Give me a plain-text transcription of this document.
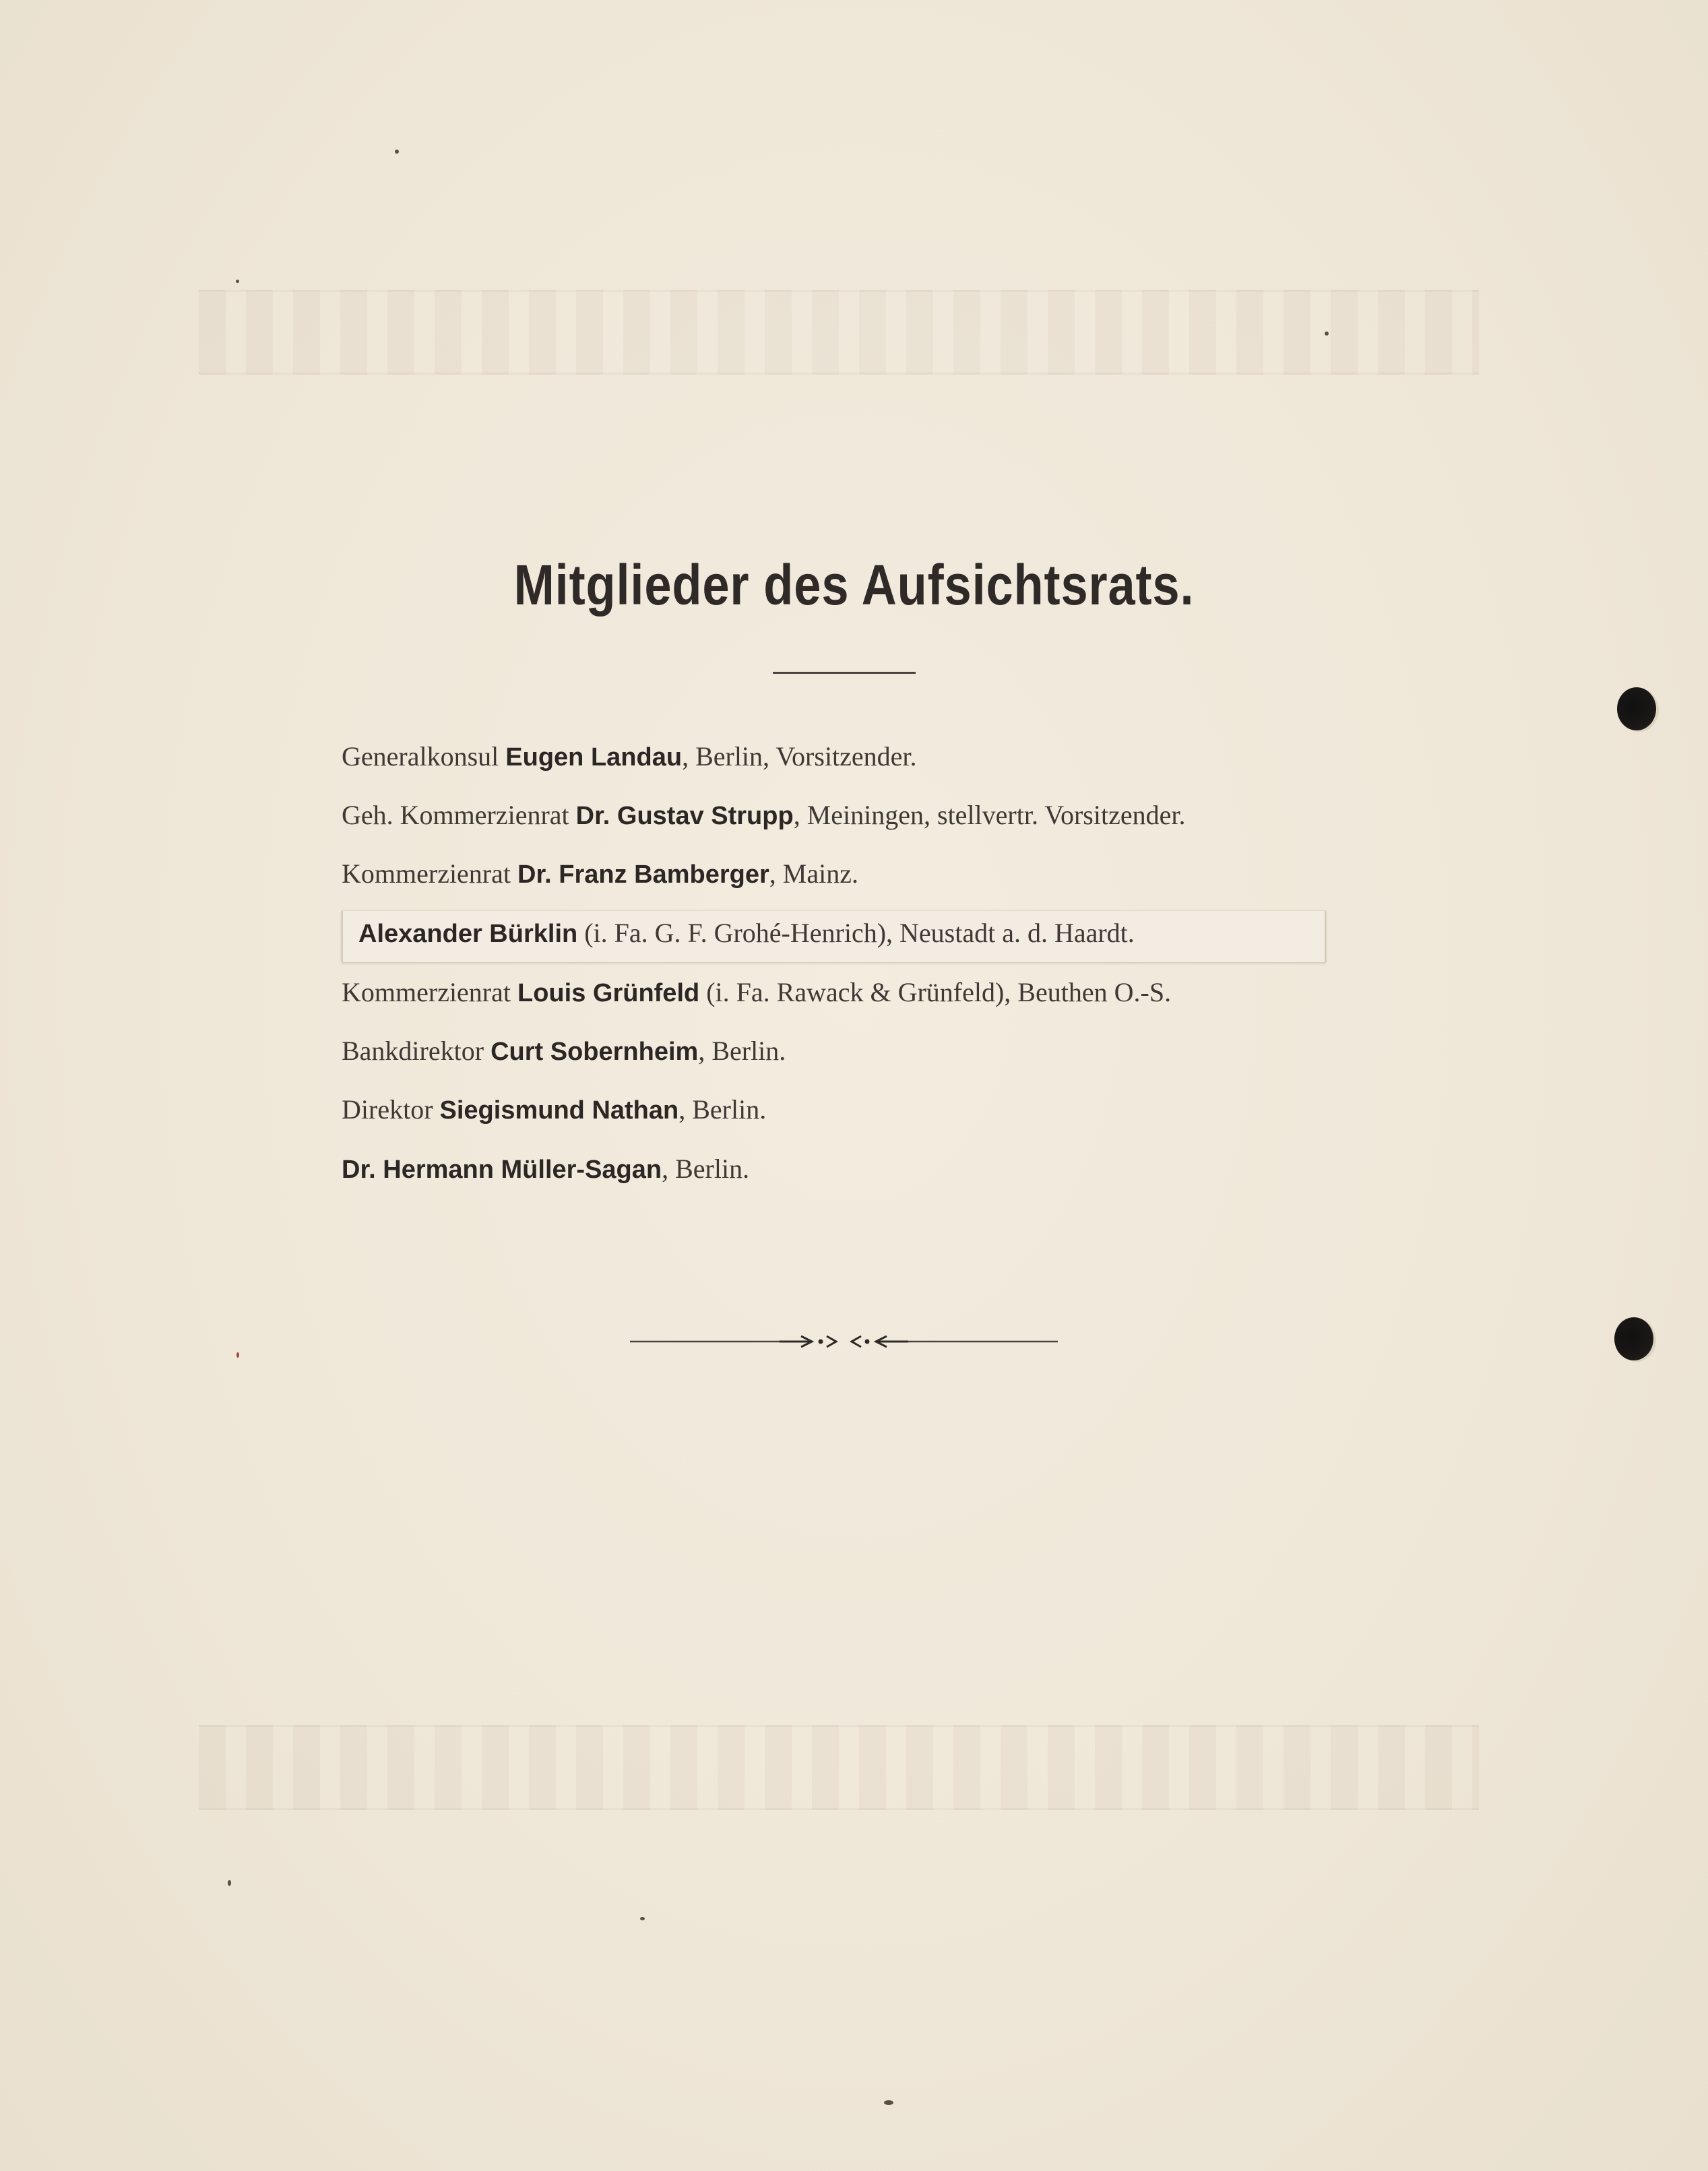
Mitglieder des Aufsichtsrats.
Generalkonsul Eugen Landau, Berlin, Vorsitzender.
Geh. Kommerzienrat Dr. Gustav Strupp, Meiningen, stellvertr. Vorsitzender.
Kommerzienrat Dr. Franz Bamberger, Mainz.
Alexander Bürklin (i. Fa. G. F. Grohé-Henrich), Neustadt a. d. Haardt.
Kommerzienrat Louis Grünfeld (i. Fa. Rawack & Grünfeld), Beuthen O.-S.
Bankdirektor Curt Sobernheim, Berlin.
Direktor Siegismund Nathan, Berlin.
Dr. Hermann Müller-Sagan, Berlin.
